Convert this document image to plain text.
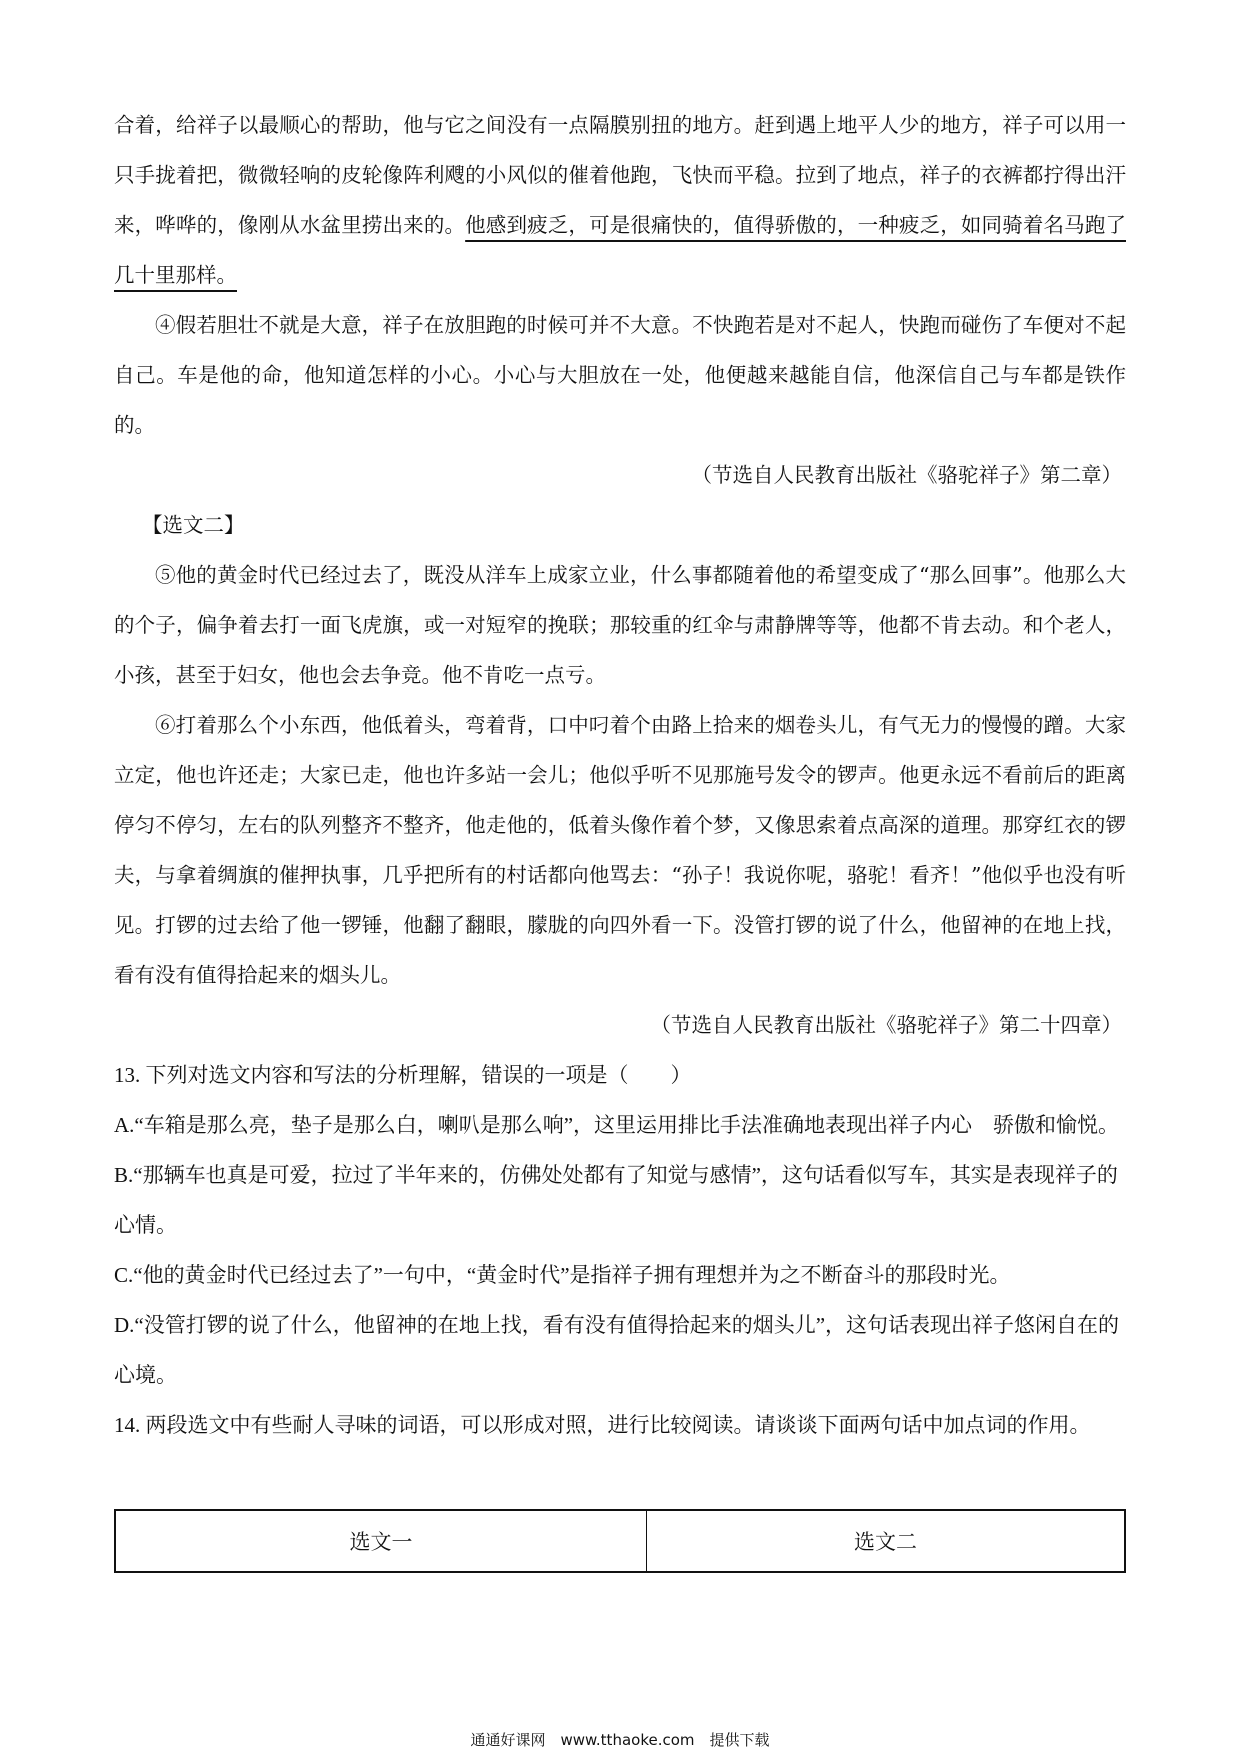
合着，给祥子以最顺心的帮助，他与它之间没有一点隔膜别扭的地方。赶到遇上地平人少的地方，祥子可以用一只手拢着把，微微轻响的皮轮像阵利飕的小风似的催着他跑，飞快而平稳。拉到了地点，祥子的衣裤都拧得出汗来，哗哗的，像刚从水盆里捞出来的。他感到疲乏，可是很痛快的，值得骄傲的，一种疲乏，如同骑着名马跑了几十里那样。

④假若胆壮不就是大意，祥子在放胆跑的时候可并不大意。不快跑若是对不起人，快跑而碰伤了车便对不起自己。车是他的命，他知道怎样的小心。小心与大胆放在一处，他便越来越能自信，他深信自己与车都是铁作的。

（节选自人民教育出版社《骆驼祥子》第二章）

【选文二】

⑤他的黄金时代已经过去了，既没从洋车上成家立业，什么事都随着他的希望变成了“那么回事”。他那么大的个子，偏争着去打一面飞虎旗，或一对短窄的挽联；那较重的红伞与肃静牌等等，他都不肯去动。和个老人，小孩，甚至于妇女，他也会去争竞。他不肯吃一点亏。

⑥打着那么个小东西，他低着头，弯着背，口中叼着个由路上拾来的烟卷头儿，有气无力的慢慢的蹭。大家立定，他也许还走；大家已走，他也许多站一会儿；他似乎听不见那施号发令的锣声。他更永远不看前后的距离停匀不停匀，左右的队列整齐不整齐，他走他的，低着头像作着个梦，又像思索着点高深的道理。那穿红衣的锣夫，与拿着绸旗的催押执事，几乎把所有的村话都向他骂去：“孙子！我说你呢，骆驼！看齐！”他似乎也没有听见。打锣的过去给了他一锣锤，他翻了翻眼，朦胧的向四外看一下。没管打锣的说了什么，他留神的在地上找，看有没有值得拾起来的烟头儿。

（节选自人民教育出版社《骆驼祥子》第二十四章）

13. 下列对选文内容和写法的分析理解，错误的一项是（　　）

A.“车箱是那么亮，垫子是那么白，喇叭是那么响”，这里运用排比手法准确地表现出祥子内心　骄傲和愉悦。

B.“那辆车也真是可爱，拉过了半年来的，仿佛处处都有了知觉与感情”，这句话看似写车，其实是表现祥子的心情。

C.“他的黄金时代已经过去了”一句中，“黄金时代”是指祥子拥有理想并为之不断奋斗的那段时光。

D.“没管打锣的说了什么，他留神的在地上找，看有没有值得拾起来的烟头儿”，这句话表现出祥子悠闲自在的心境。

14. 两段选文中有些耐人寻味的词语，可以形成对照，进行比较阅读。请谈谈下面两句话中加点词的作用。

选文一	选文二
通通好课网　www.tthaoke.com　提供下载
